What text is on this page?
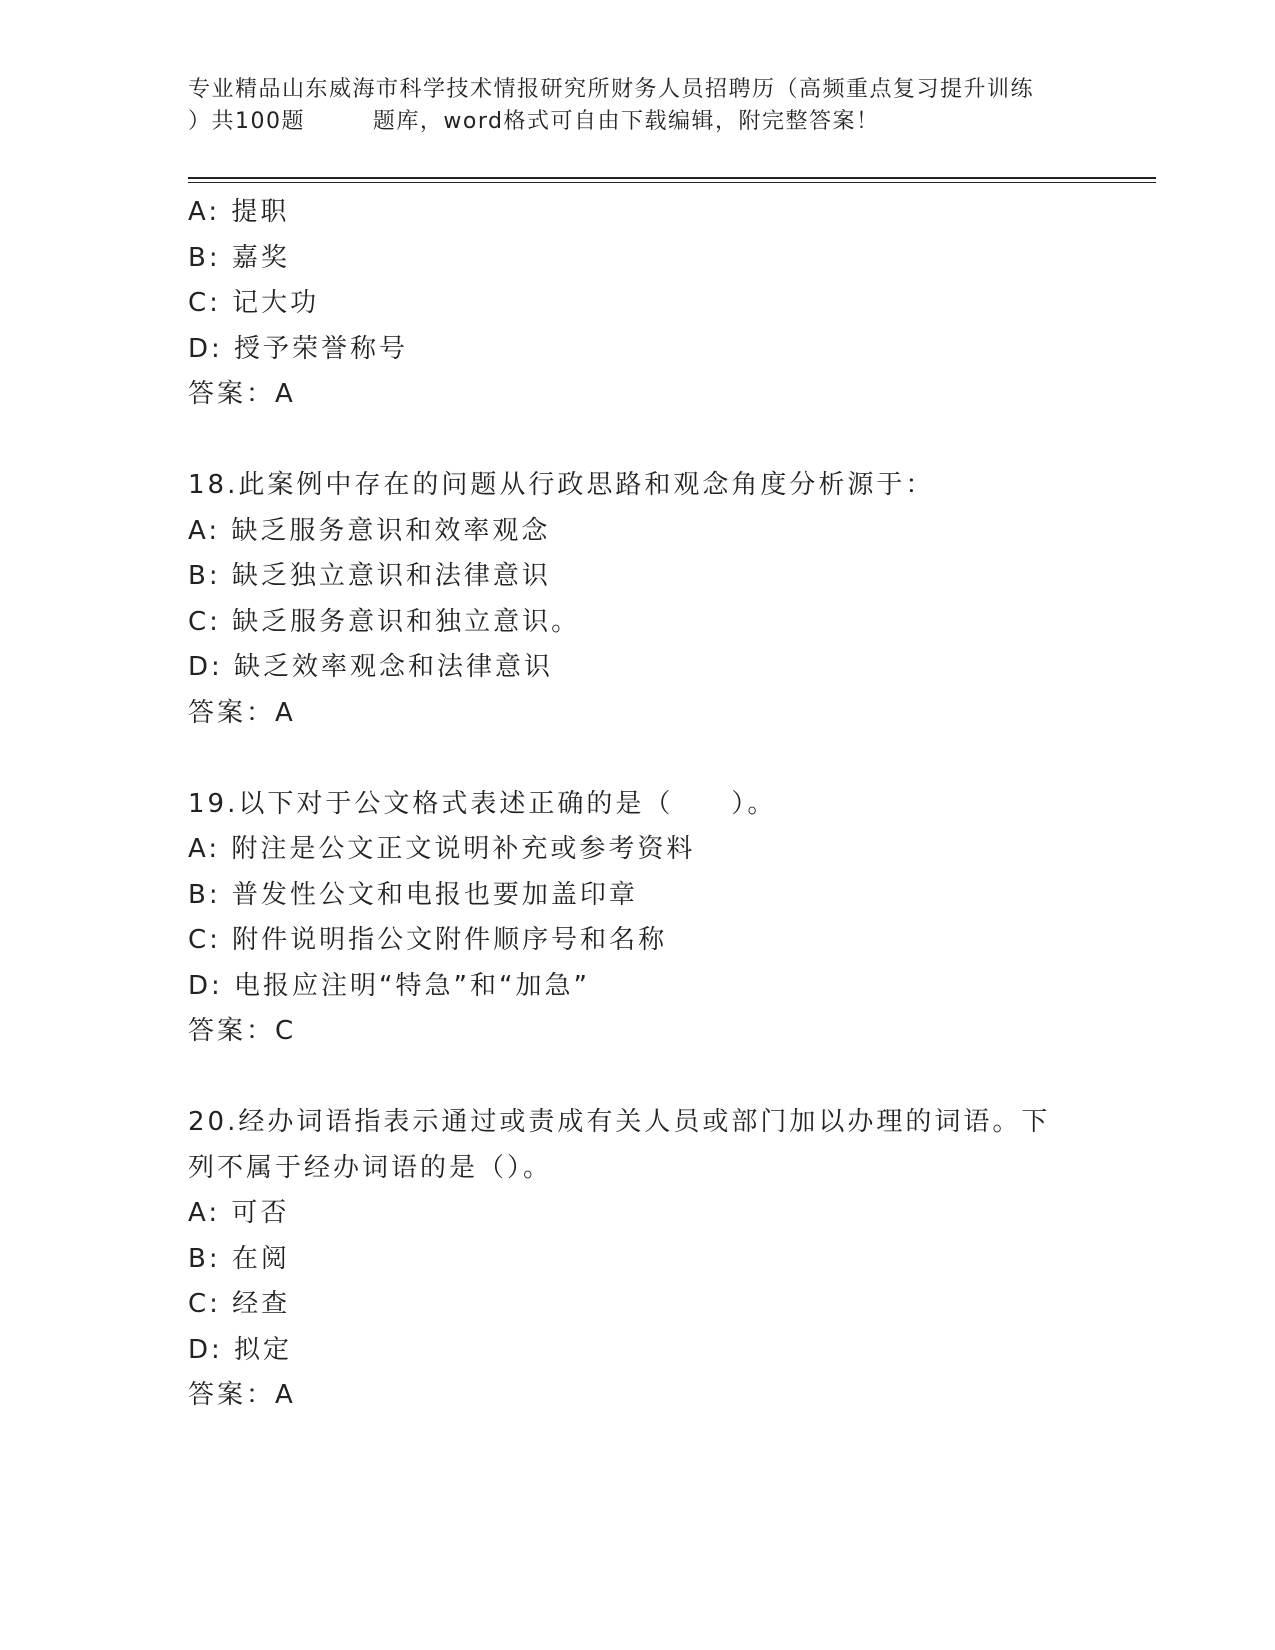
专业精品山东威海市科学技术情报研究所财务人员招聘历（高频重点复习提升训练
）共100题        题库，word格式可自由下载编辑，附完整答案！
A: 提职
B: 嘉奖
C: 记大功
D: 授予荣誉称号
答案：A
18.此案例中存在的问题从行政思路和观念角度分析源于：
A: 缺乏服务意识和效率观念
B: 缺乏独立意识和法律意识
C: 缺乏服务意识和独立意识。
D: 缺乏效率观念和法律意识
答案：A
19.以下对于公文格式表述正确的是（　　）。
A: 附注是公文正文说明补充或参考资料
B: 普发性公文和电报也要加盖印章
C: 附件说明指公文附件顺序号和名称
D: 电报应注明“特急”和“加急”
答案：C
20.经办词语指表示通过或责成有关人员或部门加以办理的词语。下列不属于经办词语的是（）。
A: 可否
B: 在阅
C: 经查
D: 拟定
答案：A
